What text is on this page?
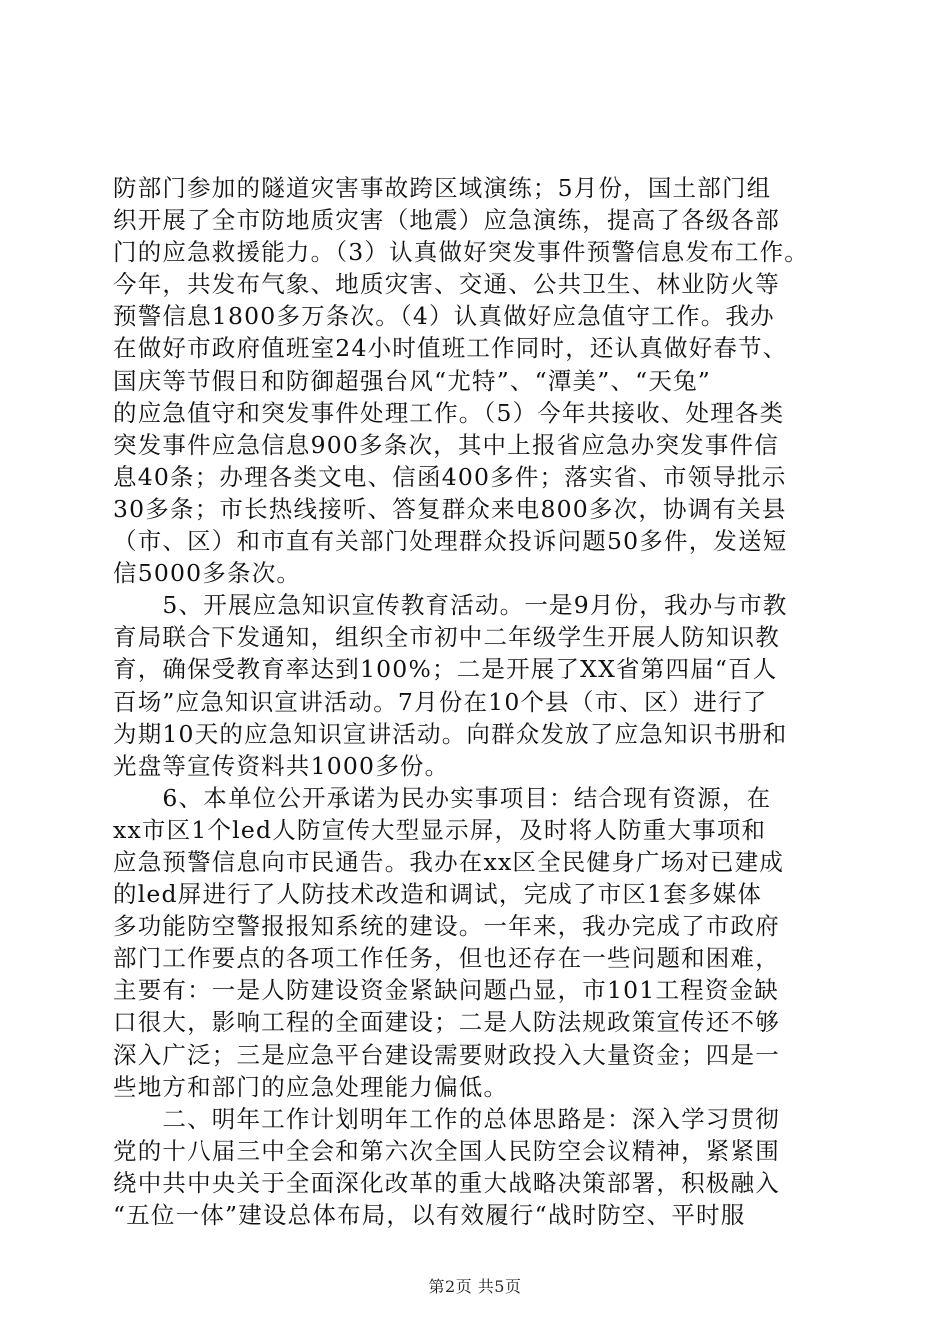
防部门参加的隧道灾害事故跨区域演练；5月份，国土部门组
织开展了全市防地质灾害（地震）应急演练，提高了各级各部
门的应急救援能力。（3）认真做好突发事件预警信息发布工作。
今年，共发布气象、地质灾害、交通、公共卫生、林业防火等
预警信息1800多万条次。（4）认真做好应急值守工作。我办
在做好市政府值班室24小时值班工作同时，还认真做好春节、
国庆等节假日和防御超强台风“尤特”、“潭美”、“天兔”
的应急值守和突发事件处理工作。（5）今年共接收、处理各类
突发事件应急信息900多条次，其中上报省应急办突发事件信
息40条；办理各类文电、信函400多件；落实省、市领导批示
30多条；市长热线接听、答复群众来电800多次，协调有关县
（市、区）和市直有关部门处理群众投诉问题50多件，发送短
信5000多条次。
　　5、开展应急知识宣传教育活动。一是9月份，我办与市教
育局联合下发通知，组织全市初中二年级学生开展人防知识教
育，确保受教育率达到100%；二是开展了XX省第四届“百人
百场”应急知识宣讲活动。7月份在10个县（市、区）进行了
为期10天的应急知识宣讲活动。向群众发放了应急知识书册和
光盘等宣传资料共1000多份。
　　6、本单位公开承诺为民办实事项目：结合现有资源，在
xx市区1个led人防宣传大型显示屏，及时将人防重大事项和
应急预警信息向市民通告。我办在xx区全民健身广场对已建成
的led屏进行了人防技术改造和调试，完成了市区1套多媒体
多功能防空警报报知系统的建设。一年来，我办完成了市政府
部门工作要点的各项工作任务，但也还存在一些问题和困难，
主要有：一是人防建设资金紧缺问题凸显，市101工程资金缺
口很大，影响工程的全面建设；二是人防法规政策宣传还不够
深入广泛；三是应急平台建设需要财政投入大量资金；四是一
些地方和部门的应急处理能力偏低。
　　二、明年工作计划明年工作的总体思路是：深入学习贯彻
党的十八届三中全会和第六次全国人民防空会议精神，紧紧围
绕中共中央关于全面深化改革的重大战略决策部署，积极融入
“五位一体”建设总体布局，以有效履行“战时防空、平时服
第2页 共5页
